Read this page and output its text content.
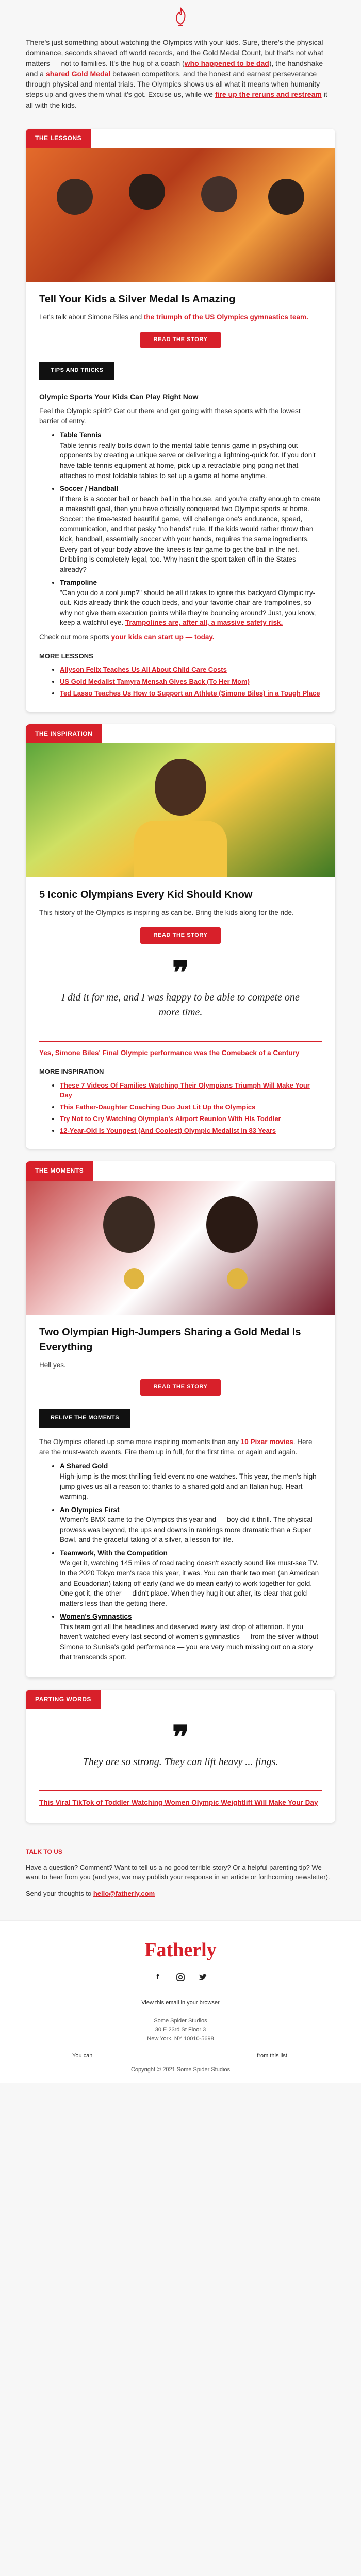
There's just something about watching the Olympics with your kids. Sure, there's the physical dominance, seconds shaved off world records, and the Gold Medal Count, but that's not what matters — not to families. It's the hug of a coach (who happened to be dad), the handshake and a shared Gold Medal between competitors, and the honest and earnest perseverance through physical and mental trials. The Olympics shows us all what it means when humanity steps up and gives them what it's got. Excuse us, while we fire up the reruns and restream it all with the kids.
THE LESSONS
Tell Your Kids a Silver Medal Is Amazing

Let's talk about Simone Biles and the triumph of the US Olympics gymnastics team.

READ THE STORY
TIPS AND TRICKS
Olympic Sports Your Kids Can Play Right Now

Feel the Olympic spirit? Get out there and get going with these sports with the lowest barrier of entry.

• Table Tennis
Table tennis really boils down to the mental table tennis game in psyching out opponents by creating a unique serve or delivering a lightning-quick for. If you don't have table tennis equipment at home, pick up a retractable ping pong net that attaches to most foldable tables to set up a game at home anytime.
• Soccer / Handball
If there is a soccer ball or beach ball in the house, and you're crafty enough to create a makeshift goal, then you have officially conquered two Olympic sports at home. Soccer: the time-tested beautiful game, will challenge one's endurance, speed, communication, and that pesky "no hands" rule. If the kids would rather throw than kick, handball, essentially soccer with your hands, requires the same ingredients. Every part of your body above the knees is fair game to get the ball in the net. Dribbling is completely legal, too. Why hasn't the sport taken off in the States already?
• Trampoline
"Can you do a cool jump?" should be all it takes to ignite this backyard Olympic try-out. Kids already think the couch beds, and your favorite chair are trampolines, so why not give them execution points while they're bouncing around? Just, you know, keep a watchful eye. Trampolines are, after all, a massive safety risk.

Check out more sports your kids can start up — today.

MORE LESSONS
• Allyson Felix Teaches Us All About Child Care Costs
• US Gold Medalist Tamyra Mensah Gives Back (To Her Mom)
• Ted Lasso Teaches Us How to Support an Athlete (Simone Biles) in a Tough Place
THE INSPIRATION
5 Iconic Olympians Every Kid Should Know

This history of the Olympics is inspiring as can be. Bring the kids along for the ride.

READ THE STORY
❞
I did it for me, and I was happy to be able to compete one more time.

Yes, Simone Biles' Final Olympic performance was the Comeback of a Century

MORE INSPIRATION
• These 7 Videos Of Families Watching Their Olympians Triumph Will Make Your Day
• This Father-Daughter Coaching Duo Just Lit Up the Olympics
• Try Not to Cry Watching Olympian's Airport Reunion With His Toddler
• 12-Year-Old Is Youngest (And Coolest) Olympic Medalist in 83 Years
THE MOMENTS
Two Olympian High-Jumpers Sharing a Gold Medal Is Everything

Hell yes.

READ THE STORY
RELIVE THE MOMENTS

The Olympics offered up some more inspiring moments than any 10 Pixar movies. Here are the must-watch events. Fire them up in full, for the first time, or again and again.

• A Shared Gold
High-jump is the most thrilling field event no one watches. This year, the men's high jump gives us all a reason to: thanks to a shared gold and an Italian hug. Heart warming.
• An Olympics First
Women's BMX came to the Olympics this year and — boy did it thrill. The physical prowess was beyond, the ups and downs in rankings more dramatic than a Super Bowl, and the graceful taking of a silver, a lesson for life.
• Teamwork, With the Competition
We get it, watching 145 miles of road racing doesn't exactly sound like must-see TV. In the 2020 Tokyo men's race this year, it was. You can thank two men (an American and Ecuadorian) taking off early (and we do mean early) to work together for gold. One got it, the other — didn't place. When they hug it out after, its clear that gold matters less than the getting there.
• Women's Gymnastics
This team got all the headlines and deserved every last drop of attention. If you haven't watched every last second of women's gymnastics — from the silver without Simone to Sunisa's gold performance — you are very much missing out on a story that transcends sport.
PARTING WORDS
❞
They are so strong. They can lift heavy ... fings.

This Viral TikTok of Toddler Watching Women Olympic Weightlift Will Make Your Day

TALK TO US

Have a question? Comment? Want to tell us a no good terrible story? Or a helpful parenting tip? We want to hear from you (and yes, we may publish your response in an article or forthcoming newsletter).

Send your thoughts to hello@fatherly.com

Fatherly
f
View this email in your browser

Some Spider Studios
30 E 23rd St Floor 3
New York, NY 10010-5698
You can	from this list.
Copyright © 2021 Some Spider Studios
